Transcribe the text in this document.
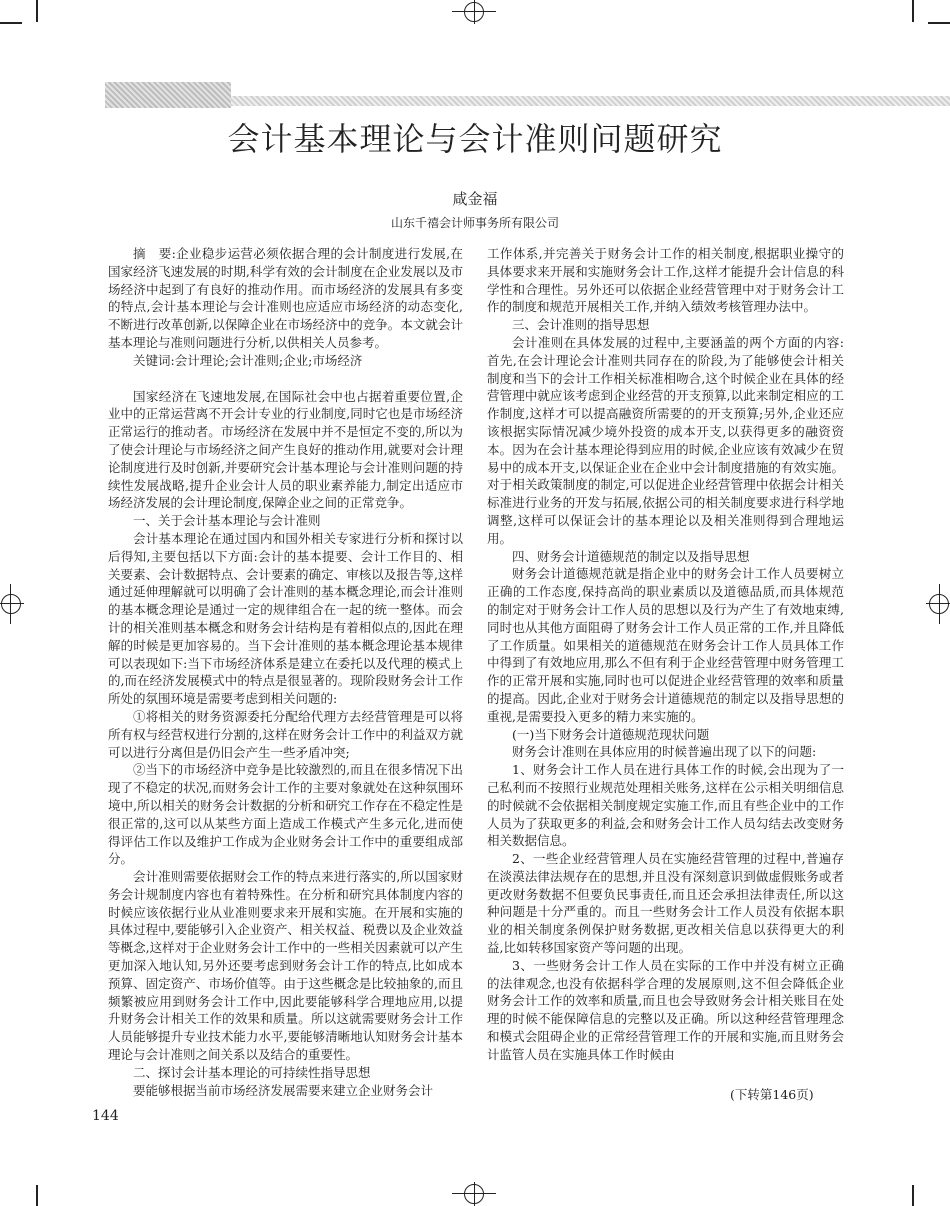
会计基本理论与会计准则问题研究
咸金福
山东千禧会计师事务所有限公司

摘　要:企业稳步运营必须依据合理的会计制度进行发展,在国家经济飞速发展的时期,科学有效的会计制度在企业发展以及市场经济中起到了有良好的推动作用。而市场经济的发展具有多变的特点,会计基本理论与会计准则也应适应市场经济的动态变化,不断进行改革创新,以保障企业在市场经济中的竞争。本文就会计基本理论与准则问题进行分析,以供相关人员参考。

关键词:会计理论;会计准则;企业;市场经济

国家经济在飞速地发展,在国际社会中也占据着重要位置,企业中的正常运营离不开会计专业的行业制度,同时它也是市场经济正常运行的推动者。市场经济在发展中并不是恒定不变的,所以为了使会计理论与市场经济之间产生良好的推动作用,就要对会计理论制度进行及时创新,并要研究会计基本理论与会计准则问题的持续性发展战略,提升企业会计人员的职业素养能力,制定出适应市场经济发展的会计理论制度,保障企业之间的正常竞争。

一、关于会计基本理论与会计准则

会计基本理论在通过国内和国外相关专家进行分析和探讨以后得知,主要包括以下方面:会计的基本提要、会计工作目的、相关要素、会计数据特点、会计要素的确定、审核以及报告等,这样通过延伸理解就可以明确了会计准则的基本概念理论,而会计准则的基本概念理论是通过一定的规律组合在一起的统一整体。而会计的相关准则基本概念和财务会计结构是有着相似点的,因此在理解的时候是更加容易的。当下会计准则的基本概念理论基本规律可以表现如下:当下市场经济体系是建立在委托以及代理的模式上的,而在经济发展模式中的特点是很显著的。现阶段财务会计工作所处的氛围环境是需要考虑到相关问题的:

①将相关的财务资源委托分配给代理方去经营管理是可以将所有权与经营权进行分割的,这样在财务会计工作中的利益双方就可以进行分离但是仍旧会产生一些矛盾冲突;

②当下的市场经济中竞争是比较激烈的,而且在很多情况下出现了不稳定的状况,而财务会计工作的主要对象就处在这种氛围环境中,所以相关的财务会计数据的分析和研究工作存在不稳定性是很正常的,这可以从某些方面上造成工作模式产生多元化,进而使得评估工作以及维护工作成为企业财务会计工作中的重要组成部分。

会计准则需要依据财会工作的特点来进行落实的,所以国家财务会计规制度内容也有着特殊性。在分析和研究具体制度内容的时候应该依据行业从业准则要求来开展和实施。在开展和实施的具体过程中,要能够引入企业资产、相关权益、税费以及企业效益等概念,这样对于企业财务会计工作中的一些相关因素就可以产生更加深入地认知,另外还要考虑到财务会计工作的特点,比如成本预算、固定资产、市场价值等。由于这些概念是比较抽象的,而且频繁被应用到财务会计工作中,因此要能够科学合理地应用,以提升财务会计相关工作的效果和质量。所以这就需要财务会计工作人员能够提升专业技术能力水平,要能够清晰地认知财务会计基本理论与会计准则之间关系以及结合的重要性。

二、探讨会计基本理论的可持续性指导思想

要能够根据当前市场经济发展需要来建立企业财务会计

工作体系,并完善关于财务会计工作的相关制度,根据职业操守的具体要求来开展和实施财务会计工作,这样才能提升会计信息的科学性和合理性。另外还可以依据企业经营管理中对于财务会计工作的制度和规范开展相关工作,并纳入绩效考核管理办法中。

三、会计准则的指导思想

会计准则在具体发展的过程中,主要涵盖的两个方面的内容:首先,在会计理论会计准则共同存在的阶段,为了能够使会计相关制度和当下的会计工作相关标准相吻合,这个时候企业在具体的经营管理中就应该考虑到企业经营的开支预算,以此来制定相应的工作制度,这样才可以提高融资所需要的的开支预算;另外,企业还应该根据实际情况减少境外投资的成本开支,以获得更多的融资资本。因为在会计基本理论得到应用的时候,企业应该有效减少在贸易中的成本开支,以保证企业在企业中会计制度措施的有效实施。对于相关政策制度的制定,可以促进企业经营管理中依据会计相关标准进行业务的开发与拓展,依据公司的相关制度要求进行科学地调整,这样可以保证会计的基本理论以及相关准则得到合理地运用。

四、财务会计道德规范的制定以及指导思想

财务会计道德规范就是指企业中的财务会计工作人员要树立正确的工作态度,保持高尚的职业素质以及道德品质,而具体规范的制定对于财务会计工作人员的思想以及行为产生了有效地束缚,同时也从其他方面阻碍了财务会计工作人员正常的工作,并且降低了工作质量。如果相关的道德规范在财务会计工作人员具体工作中得到了有效地应用,那么不但有利于企业经营管理中财务管理工作的正常开展和实施,同时也可以促进企业经营管理的效率和质量的提高。因此,企业对于财务会计道德规范的制定以及指导思想的重视,是需要投入更多的精力来实施的。

(一)当下财务会计道德规范现状问题

财务会计准则在具体应用的时候普遍出现了以下的问题:

1、财务会计工作人员在进行具体工作的时候,会出现为了一己私利而不按照行业规范处理相关账务,这样在公示相关明细信息的时候就不会依据相关制度规定实施工作,而且有些企业中的工作人员为了获取更多的利益,会和财务会计工作人员勾结去改变财务相关数据信息。

2、一些企业经营管理人员在实施经营管理的过程中,普遍存在淡漠法律法规存在的思想,并且没有深刻意识到做虚假账务或者更改财务数据不但要负民事责任,而且还会承担法律责任,所以这种问题是十分严重的。而且一些财务会计工作人员没有依据本职业的相关制度条例保护财务数据,更改相关信息以获得更大的利益,比如转移国家资产等问题的出现。

3、一些财务会计工作人员在实际的工作中并没有树立正确的法律观念,也没有依据科学合理的发展原则,这不但会降低企业财务会计工作的效率和质量,而且也会导致财务会计相关账目在处理的时候不能保障信息的完整以及正确。所以这种经营管理理念和模式会阻碍企业的正常经营管理工作的开展和实施,而且财务会计监管人员在实施具体工作时候由

(下转第146页)
144
